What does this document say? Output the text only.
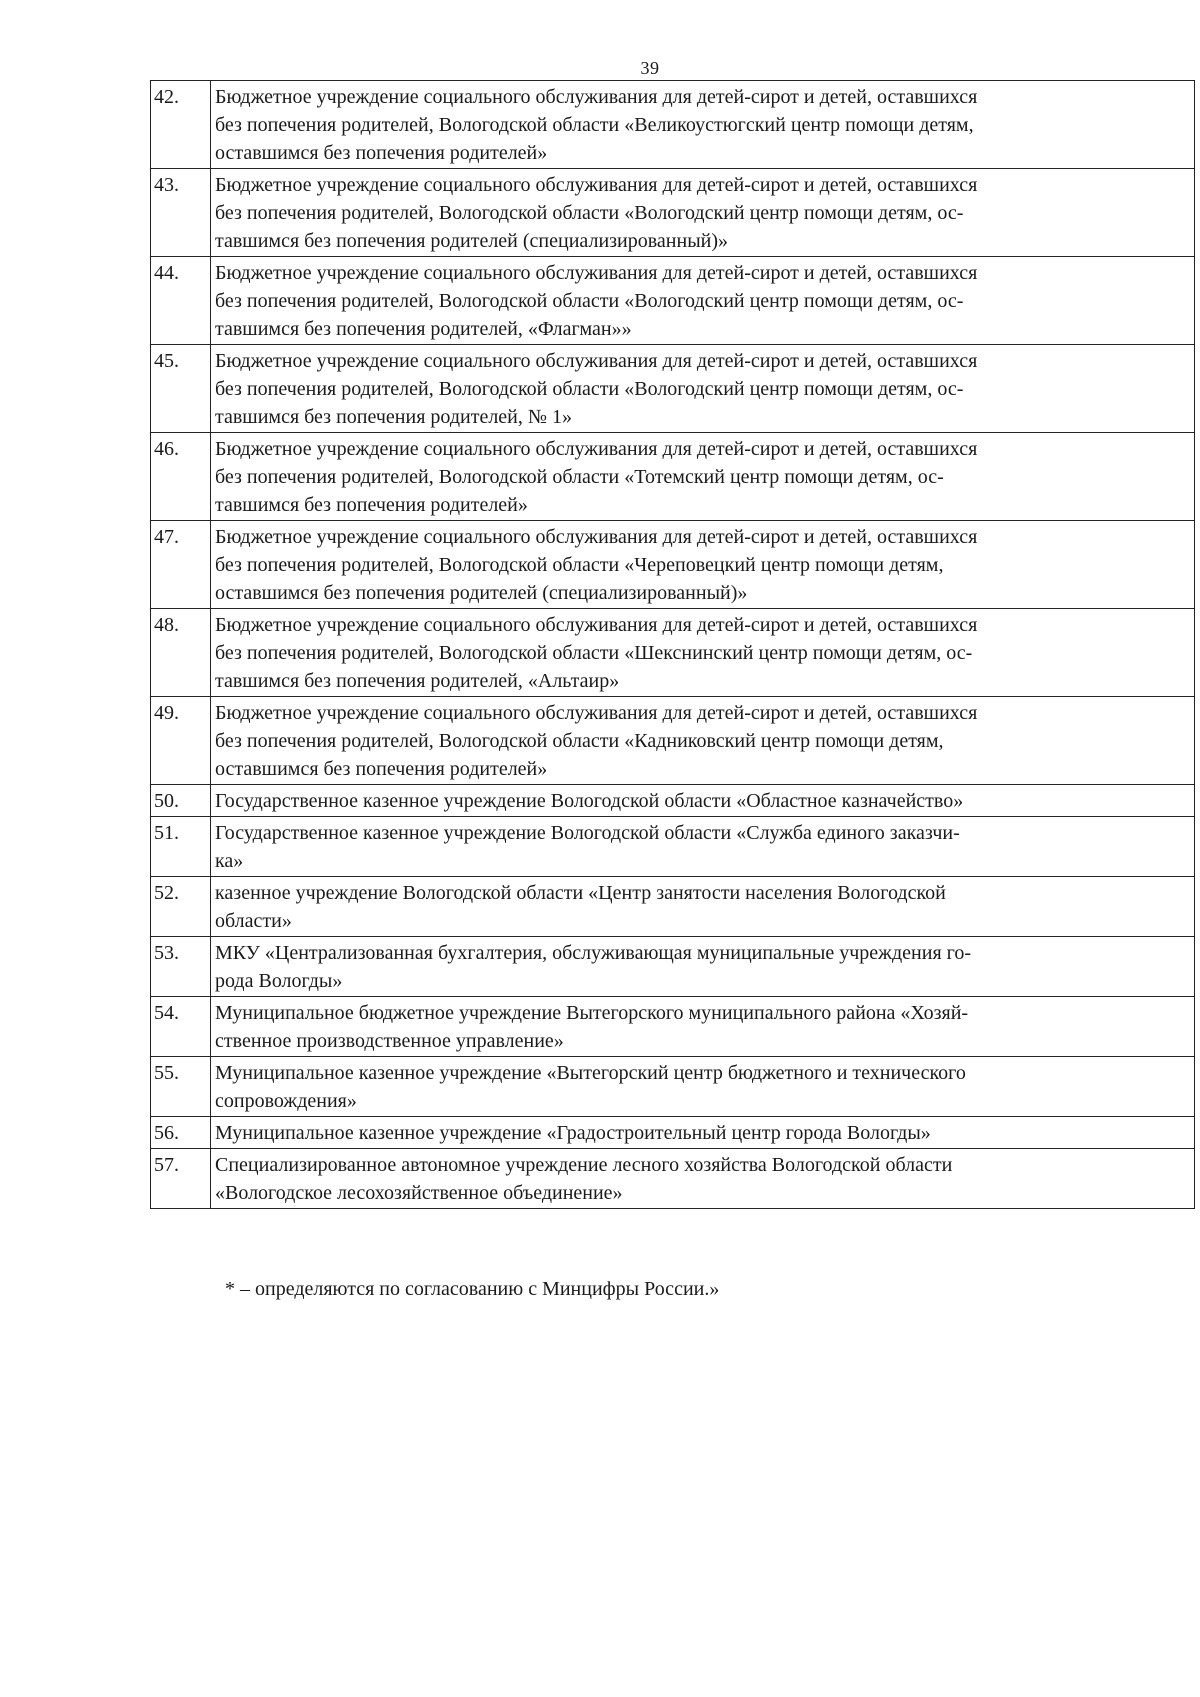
39
42.	Бюджетное учреждение социального обслуживания для детей-сирот и детей, оставшихся
без попечения родителей, Вологодской области «Великоустюгский центр помощи детям,
оставшимся без попечения родителей»

43.	Бюджетное учреждение социального обслуживания для детей-сирот и детей, оставшихся
без попечения родителей, Вологодской области «Вологодский центр помощи детям, ос-
тавшимся без попечения родителей (специализированный)»

44.	Бюджетное учреждение социального обслуживания для детей-сирот и детей, оставшихся
без попечения родителей, Вологодской области «Вологодский центр помощи детям, ос-
тавшимся без попечения родителей, «Флагман»»

45.	Бюджетное учреждение социального обслуживания для детей-сирот и детей, оставшихся
без попечения родителей, Вологодской области «Вологодский центр помощи детям, ос-
тавшимся без попечения родителей, № 1»

46.	Бюджетное учреждение социального обслуживания для детей-сирот и детей, оставшихся
без попечения родителей, Вологодской области «Тотемский центр помощи детям, ос-
тавшимся без попечения родителей»

47.	Бюджетное учреждение социального обслуживания для детей-сирот и детей, оставшихся
без попечения родителей, Вологодской области «Череповецкий центр помощи детям,
оставшимся без попечения родителей (специализированный)»

48.	Бюджетное учреждение социального обслуживания для детей-сирот и детей, оставшихся
без попечения родителей, Вологодской области «Шекснинский центр помощи детям, ос-
тавшимся без попечения родителей, «Альтаир»

49.	Бюджетное учреждение социального обслуживания для детей-сирот и детей, оставшихся
без попечения родителей, Вологодской области «Кадниковский центр помощи детям,
оставшимся без попечения родителей»

50.	Государственное казенное учреждение Вологодской области «Областное казначейство»

51.	Государственное казенное учреждение Вологодской области «Служба единого заказчи-
ка»

52.	казенное учреждение Вологодской области «Центр занятости населения Вологодской
области»

53.	МКУ «Централизованная бухгалтерия, обслуживающая муниципальные учреждения го-
рода Вологды»

54.	Муниципальное бюджетное учреждение Вытегорского муниципального района «Хозяй-
ственное производственное управление»

55.	Муниципальное казенное учреждение «Вытегорский центр бюджетного и технического
сопровождения»

56.	Муниципальное казенное учреждение «Градостроительный центр города Вологды»

57.	Специализированное автономное учреждение лесного хозяйства Вологодской области
«Вологодское лесохозяйственное объединение»
* – определяются по согласованию с Минцифры России.»
